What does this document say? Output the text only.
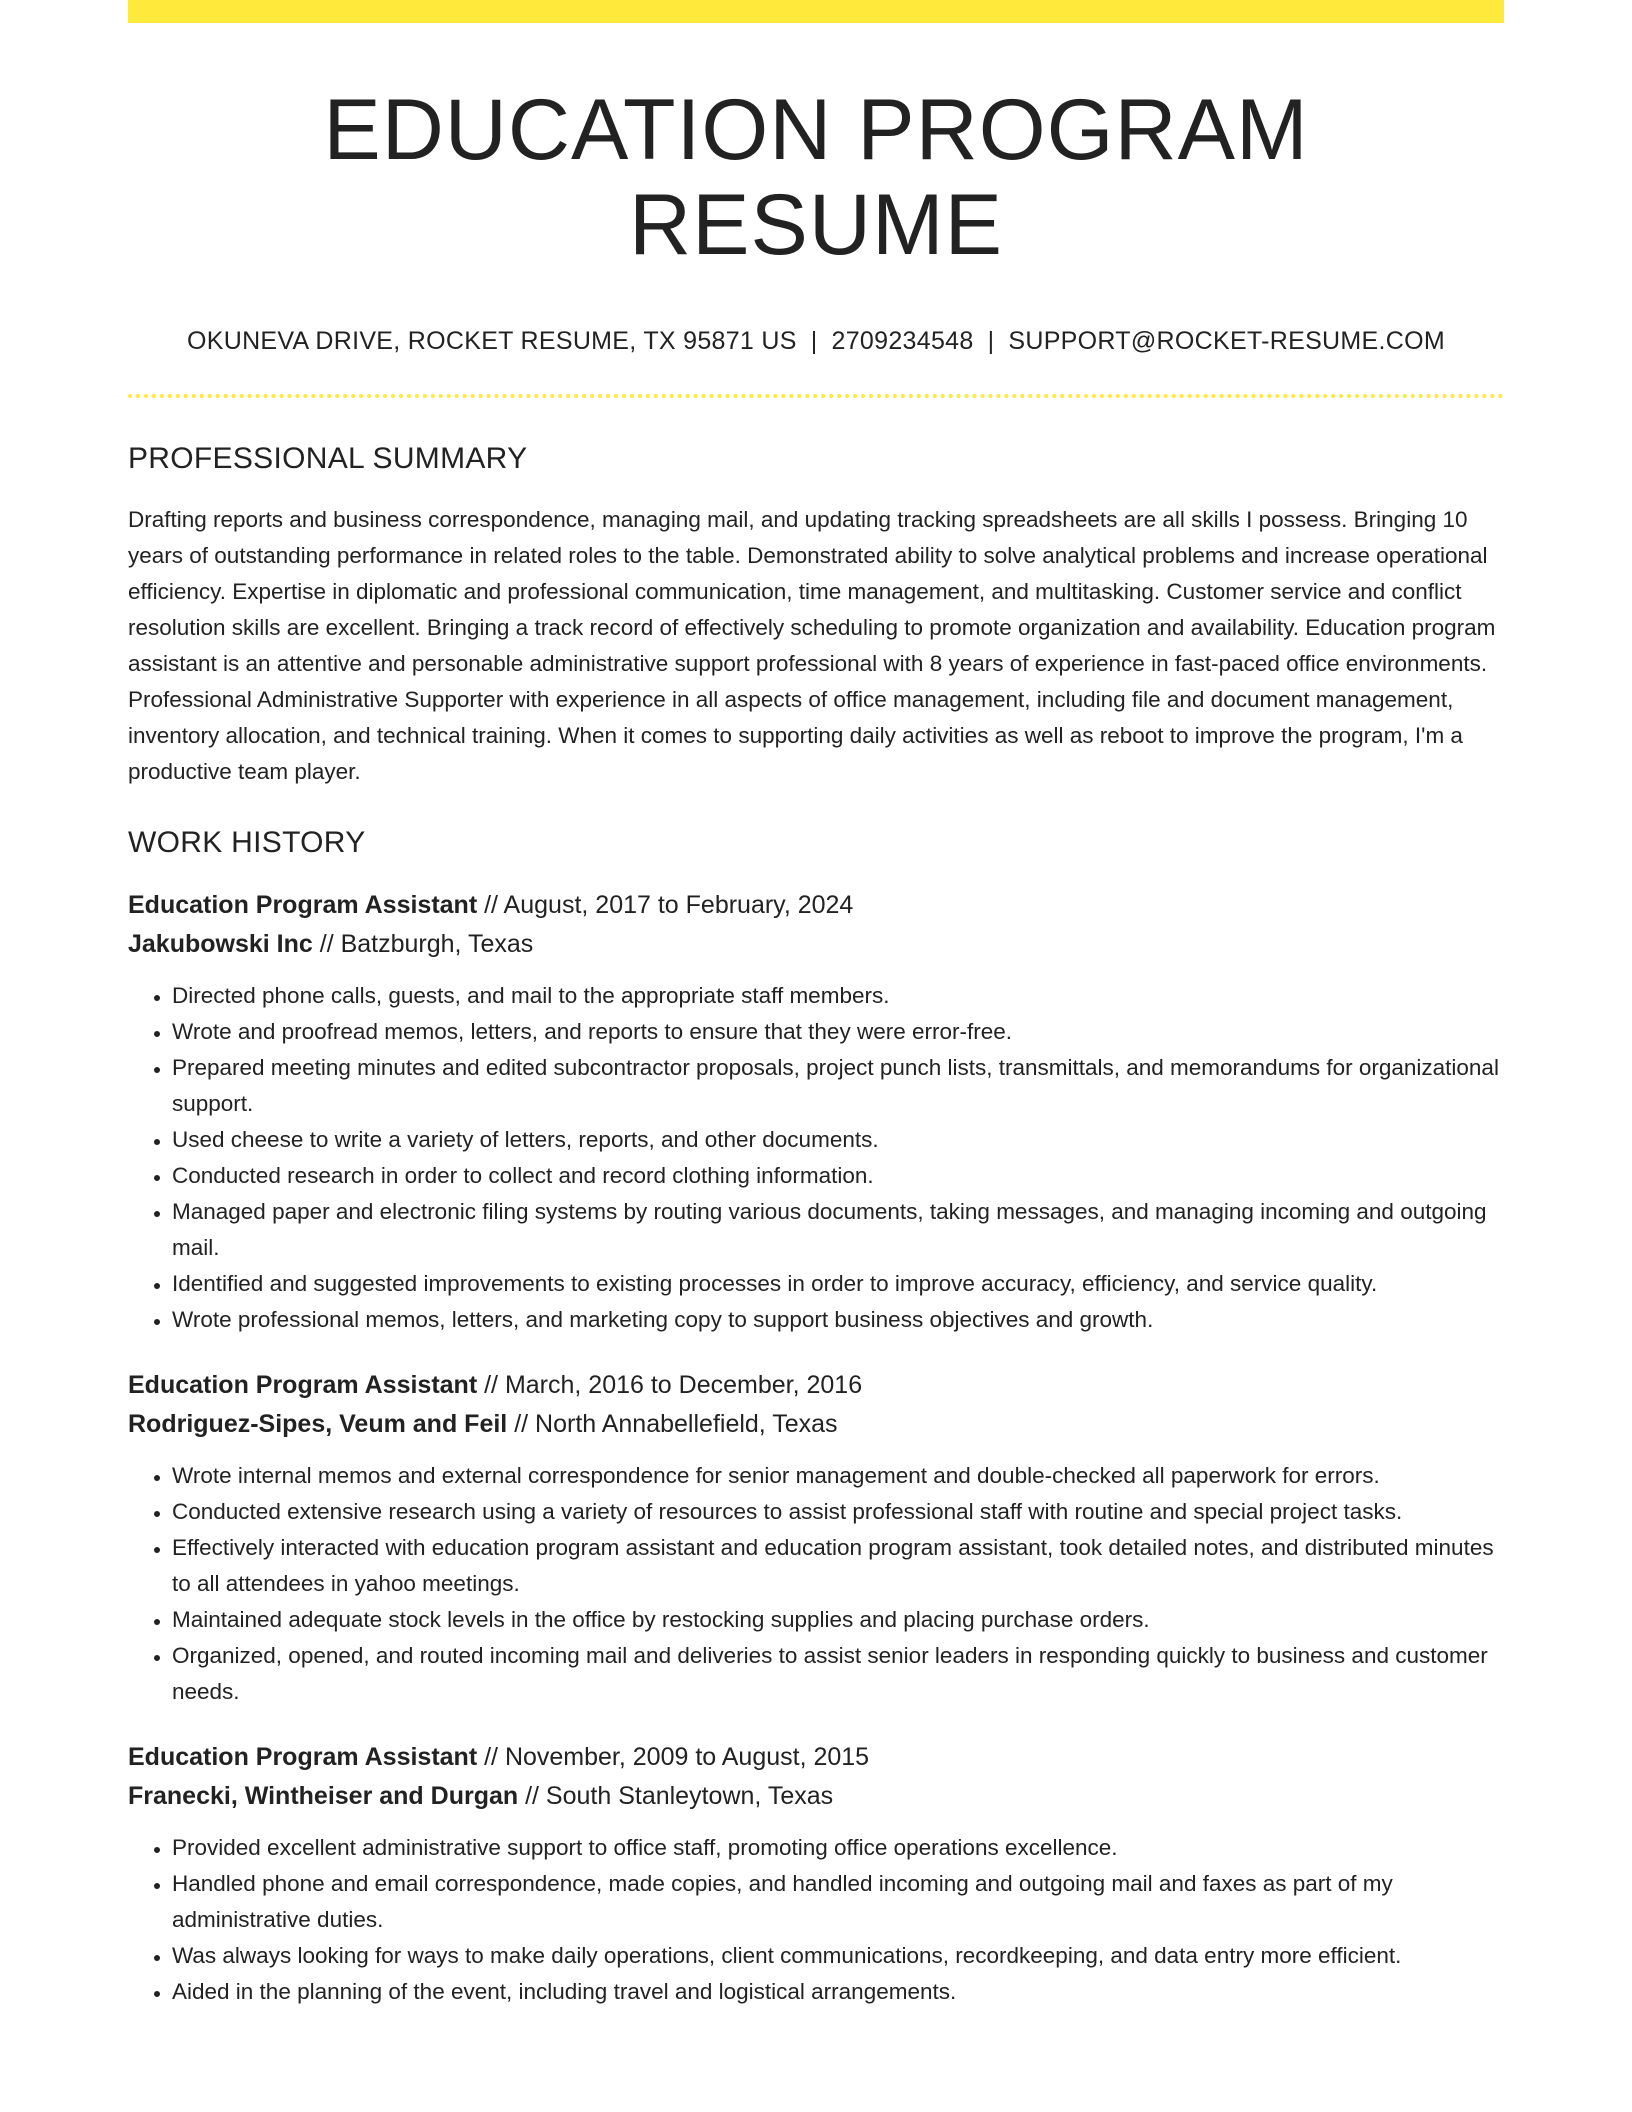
EDUCATION PROGRAM RESUME
OKUNEVA DRIVE, ROCKET RESUME, TX 95871 US | 2709234548 | SUPPORT@ROCKET-RESUME.COM
PROFESSIONAL SUMMARY

Drafting reports and business correspondence, managing mail, and updating tracking spreadsheets are all skills I possess. Bringing 10 years of outstanding performance in related roles to the table. Demonstrated ability to solve analytical problems and increase operational efficiency. Expertise in diplomatic and professional communication, time management, and multitasking. Customer service and conflict resolution skills are excellent. Bringing a track record of effectively scheduling to promote organization and availability. Education program assistant is an attentive and personable administrative support professional with 8 years of experience in fast-paced office environments. Professional Administrative Supporter with experience in all aspects of office management, including file and document management, inventory allocation, and technical training. When it comes to supporting daily activities as well as reboot to improve the program, I'm a productive team player.

WORK HISTORY
Education Program Assistant // August, 2017 to February, 2024
Jakubowski Inc // Batzburgh, Texas
• Directed phone calls, guests, and mail to the appropriate staff members.
• Wrote and proofread memos, letters, and reports to ensure that they were error-free.
• Prepared meeting minutes and edited subcontractor proposals, project punch lists, transmittals, and memorandums for organizational support.
• Used cheese to write a variety of letters, reports, and other documents.
• Conducted research in order to collect and record clothing information.
• Managed paper and electronic filing systems by routing various documents, taking messages, and managing incoming and outgoing mail.
• Identified and suggested improvements to existing processes in order to improve accuracy, efficiency, and service quality.
• Wrote professional memos, letters, and marketing copy to support business objectives and growth.
Education Program Assistant // March, 2016 to December, 2016
Rodriguez-Sipes, Veum and Feil // North Annabellefield, Texas
• Wrote internal memos and external correspondence for senior management and double-checked all paperwork for errors.
• Conducted extensive research using a variety of resources to assist professional staff with routine and special project tasks.
• Effectively interacted with education program assistant and education program assistant, took detailed notes, and distributed minutes to all attendees in yahoo meetings.
• Maintained adequate stock levels in the office by restocking supplies and placing purchase orders.
• Organized, opened, and routed incoming mail and deliveries to assist senior leaders in responding quickly to business and customer needs.
Education Program Assistant // November, 2009 to August, 2015
Franecki, Wintheiser and Durgan // South Stanleytown, Texas
• Provided excellent administrative support to office staff, promoting office operations excellence.
• Handled phone and email correspondence, made copies, and handled incoming and outgoing mail and faxes as part of my administrative duties.
• Was always looking for ways to make daily operations, client communications, recordkeeping, and data entry more efficient.
• Aided in the planning of the event, including travel and logistical arrangements.
